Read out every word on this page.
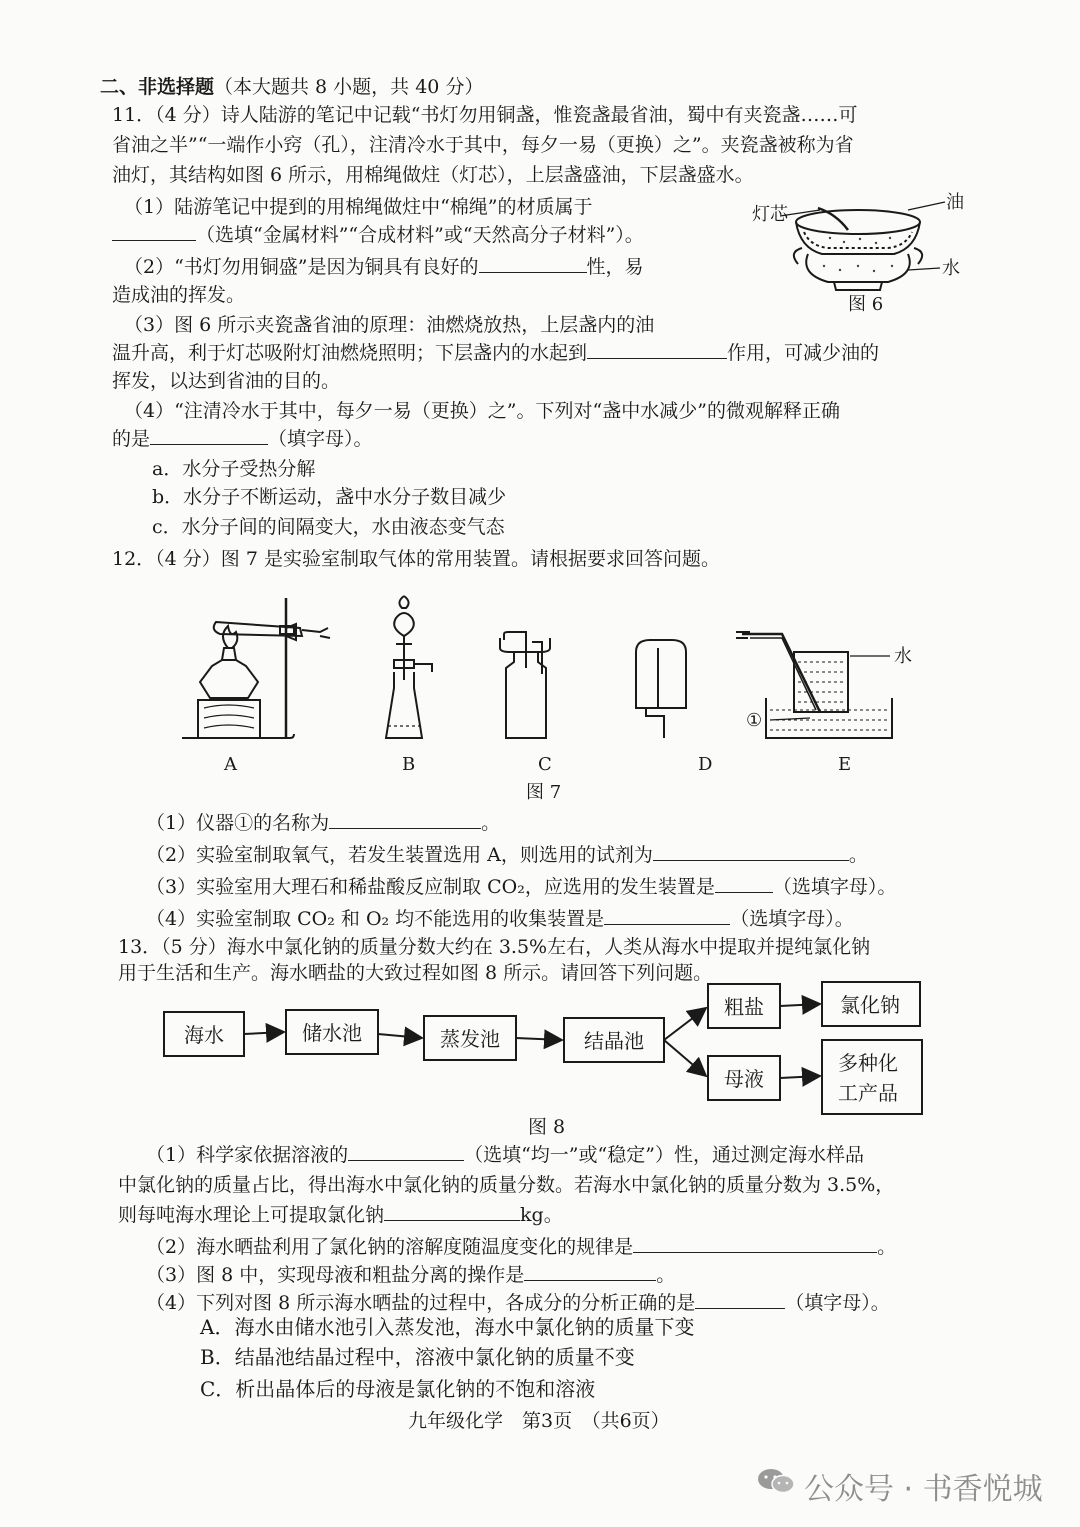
二、非选择题（本大题共 8 小题，共 40 分）
11．（4 分）诗人陆游的笔记中记载“书灯勿用铜盏，惟瓷盏最省油，蜀中有夹瓷盏……可
省油之半”“一端作小窍（孔），注清冷水于其中，每夕一易（更换）之”。夹瓷盏被称为省
油灯，其结构如图 6 所示，用棉绳做炷（灯芯），上层盏盛油，下层盏盛水。
（1）陆游笔记中提到的用棉绳做炷中“棉绳”的材质属于
（选填“金属材料”“合成材料”或“天然高分子材料”）。
（2）“书灯勿用铜盛”是因为铜具有良好的	性，易
造成油的挥发。
（3）图 6 所示夹瓷盏省油的原理：油燃烧放热，上层盏内的油
温升高，利于灯芯吸附灯油燃烧照明；下层盏内的水起到	作用，可减少油的
挥发，以达到省油的目的。
（4）“注清冷水于其中，每夕一易（更换）之”。下列对“盏中水减少”的微观解释正确
的是	（填字母）。
a．水分子受热分解
b．水分子不断运动，盏中水分子数目减少
c．水分子间的间隔变大，水由液态变气态
灯芯
油
水
图 6
12．（4 分）图 7 是实验室制取气体的常用装置。请根据要求回答问题。
水
①
A	B	C	D	E
图 7
（1）仪器①的名称为	。
（2）实验室制取氧气，若发生装置选用 A，则选用的试剂为	。
（3）实验室用大理石和稀盐酸反应制取 CO₂，应选用的发生装置是	（选填字母）。
（4）实验室制取 CO₂ 和 O₂ 均不能选用的收集装置是	（选填字母）。
13．（5 分）海水中氯化钠的质量分数大约在 3.5%左右，人类从海水中提取并提纯氯化钠
用于生活和生产。海水晒盐的大致过程如图 8 所示。请回答下列问题。
海水	储水池	蒸发池	结晶池
粗盐	氯化钠
母液
多种化
工产品
图 8
（1）科学家依据溶液的	（选填“均一”或“稳定”）性，通过测定海水样品
中氯化钠的质量占比，得出海水中氯化钠的质量分数。若海水中氯化钠的质量分数为 3.5%，
则每吨海水理论上可提取氯化钠	kg。
（2）海水晒盐利用了氯化钠的溶解度随温度变化的规律是	。
（3）图 8 中，实现母液和粗盐分离的操作是	。
（4）下列对图 8 所示海水晒盐的过程中，各成分的分析正确的是	（填字母）。
A．海水由储水池引入蒸发池，海水中氯化钠的质量下变
B．结晶池结晶过程中，溶液中氯化钠的质量不变
C．析出晶体后的母液是氯化钠的不饱和溶液
九年级化学　第3页　（共6页）
公众号 · 书香悦城
